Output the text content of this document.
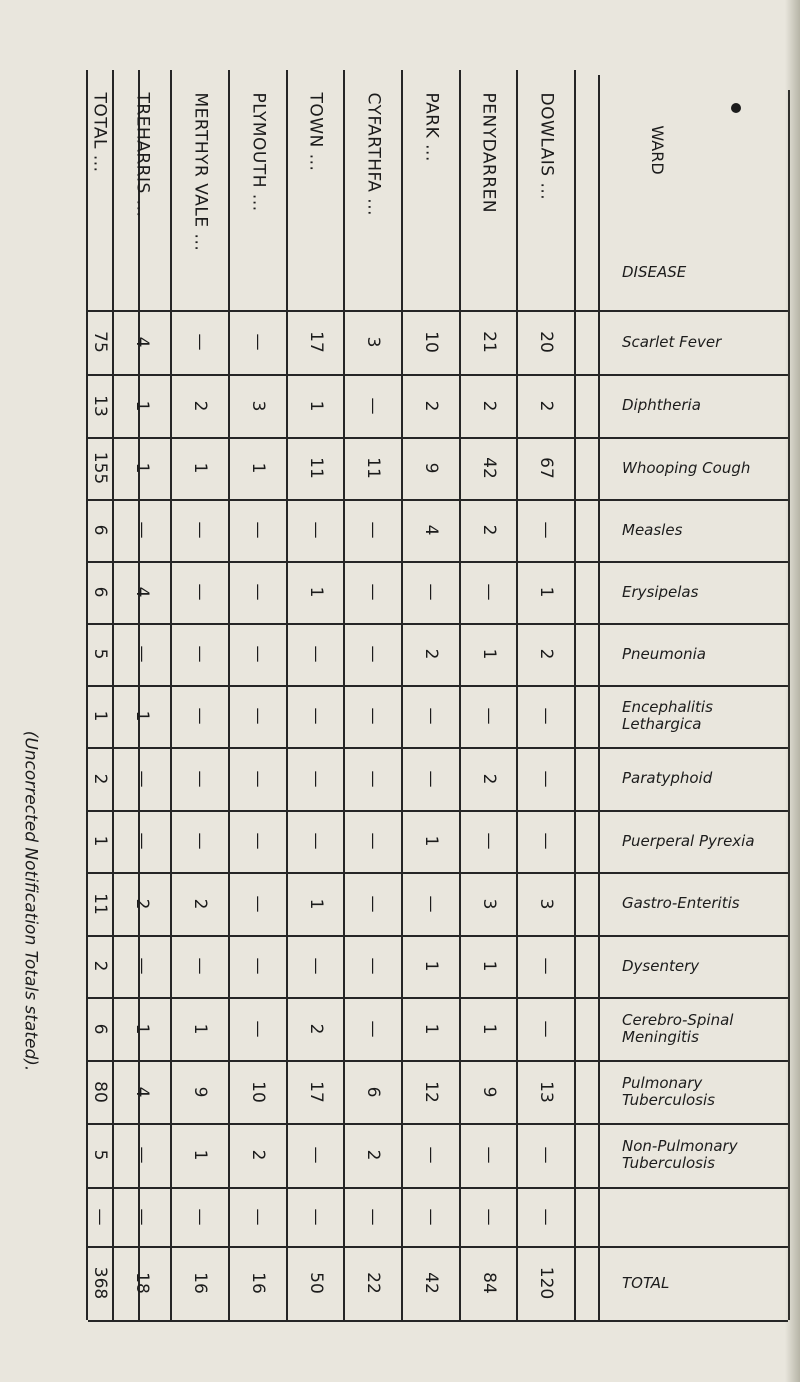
(Uncorrected Notification Totals stated).
WARD
DISEASE
DOWLAIS ...
PENYDARREN
PARK ...
CYFARTHFA ...
TOWN ...
PLYMOUTH ...
MERTHYR VALE ...
TREHARRIS ...
TOTAL ...
Scarlet Fever
Diphtheria
Whooping Cough
Measles
Erysipelas
Pneumonia
Encephalitis Lethargica
Paratyphoid
Puerperal Pyrexia
Gastro-Enteritis
Dysentery
Cerebro-Spinal Meningitis
Pulmonary Tuberculosis
Non-Pulmonary Tuberculosis
TOTAL
20
21
10
3
17
—
—
4
75
2
2
2
—
1
3
2
1
13
67
42
9
11
11
1
1
1
155
—
2
4
—
—
—
—
—
6
1
—
—
—
1
—
—
4
6
2
1
2
—
—
—
—
—
5
—
—
—
—
—
—
—
1
1
—
2
—
—
—
—
—
—
2
—
—
1
—
—
—
—
—
1
3
3
—
—
1
—
2
2
11
—
1
1
—
—
—
—
—
2
—
1
1
—
2
—
1
1
6
13
9
12
6
17
10
9
4
80
—
—
—
2
—
2
1
—
5
—
—
—
—
—
—
—
—
—
120
84
42
22
50
16
16
18
368
